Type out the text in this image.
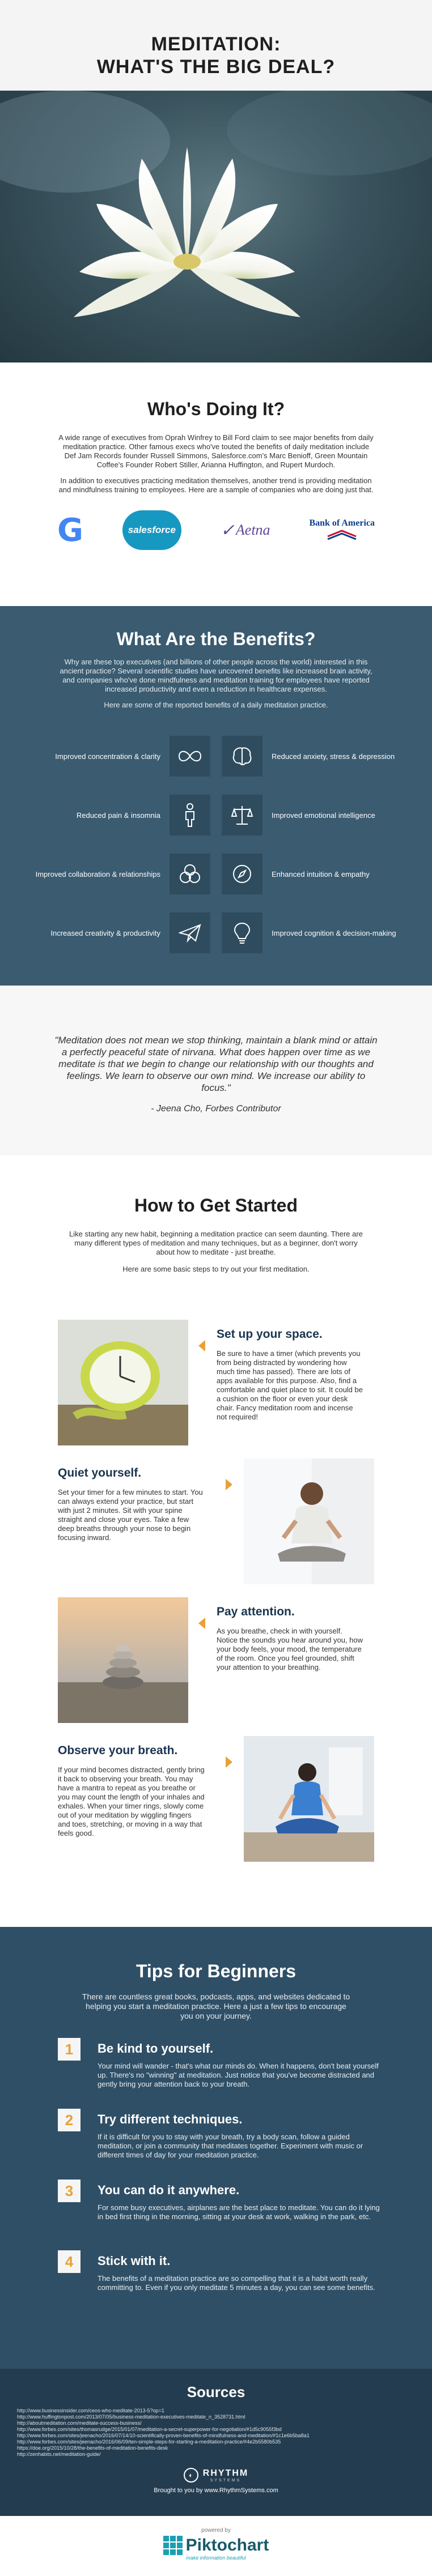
MEDITATION:
WHAT'S THE BIG DEAL?
Who's Doing It?

A wide range of executives from Oprah Winfrey to Bill Ford claim to see major benefits from daily meditation practice. Other famous execs who've touted the benefits of daily meditation include Def Jam Records founder Russell Simmons, Salesforce.com's Marc Benioff, Green Mountain Coffee's Founder Robert Stiller, Arianna Huffington, and Rupert Murdoch.

In addition to executives practicing meditation themselves, another trend is providing meditation and mindfulness training to employees. Here are a sample of companies who are doing just that.

G	salesforce	✓ Aetna	Bank of America
What Are the Benefits?

Why are these top executives (and billions of other people across the world) interested in this ancient practice? Several scientific studies have uncovered benefits like increased brain activity, and companies who've done mindfulness and meditation training for employees have reported increased productivity and even a reduction in healthcare expenses.

Here are some of the reported benefits of a daily meditation practice.

Improved concentration & clarity	Reduced anxiety, stress & depression
Reduced pain & insomnia	Improved emotional intelligence
Improved collaboration & relationships	Enhanced intuition & empathy
Increased creativity & productivity	Improved cognition & decision-making

"Meditation does not mean we stop thinking, maintain a blank mind or attain a perfectly peaceful state of nirvana. What does happen over time as we meditate is that we begin to change our relationship with our thoughts and feelings. We learn to observe our own mind. We increase our ability to focus."

- Jeena Cho, Forbes Contributor

How to Get Started

Like starting any new habit, beginning a meditation practice can seem daunting. There are many different types of meditation and many techniques, but as a beginner, don't worry about how to meditate - just breathe.

Here are some basic steps to try out your first meditation.

Set up your space.

Be sure to have a timer (which prevents you from being distracted by wondering how much time has passed). There are lots of apps available for this purpose. Also, find a comfortable and quiet place to sit. It could be a cushion on the floor or even your desk chair. Fancy meditation room and incense not required!

Quiet yourself.

Set your timer for a few minutes to start. You can always extend your practice, but start with just 2 minutes. Sit with your spine straight and close your eyes. Take a few deep breaths through your nose to begin focusing inward.

Pay attention.

As you breathe, check in with yourself. Notice the sounds you hear around you, how your body feels, your mood, the temperature of the room. Once you feel grounded, shift your attention to your breathing.

Observe your breath.

If your mind becomes distracted, gently bring it back to observing your breath. You may have a mantra to repeat as you breathe or you may count the length of your inhales and exhales. When your timer rings, slowly come out of your meditation by wiggling fingers and toes, stretching, or moving in a way that feels good.

Tips for Beginners

There are countless great books, podcasts, apps, and websites dedicated to helping you start a meditation practice. Here a just a few tips to encourage you on your journey.

1	Be kind to yourself.

Your mind will wander - that's what our minds do. When it happens, don't beat yourself up. There's no "winning" at meditation. Just notice that you've become distracted and gently bring your attention back to your breath.

2	Try different techniques.

If it is difficult for you to stay with your breath, try a body scan, follow a guided meditation, or join a community that meditates together. Experiment with music or different times of day for your meditation practice.

3	You can do it anywhere.

For some busy executives, airplanes are the best place to meditate. You can do it lying in bed first thing in the morning, sitting at your desk at work, walking in the park, etc.

4	Stick with it.

The benefits of a meditation practice are so compelling that it is a habit worth really committing to. Even if you only meditate 5 minutes a day, you can see some benefits.

Sources
http://www.businessinsider.com/ceos-who-meditate-2013-5?op=1
http://www.huffingtonpost.com/2013/07/05/business-meditation-executives-meditate_n_3528731.html
http://aboutmeditation.com/meditate-success-business/
http://www.forbes.com/sites/thomasrudge/2015/01/07/meditation-a-secret-superpower-for-negotiation/#1d5c9055f3bd
http://www.forbes.com/sites/jeenacho/2016/07/14/10-scientifically-proven-benefits-of-mindfulness-and-meditation/#1c1e6b5ba8a1
http://www.forbes.com/sites/jeenacho/2016/06/09/ten-simple-steps-for-starting-a-meditation-practice/#4e2b5580b535
https://doe.org/2015/10/28/the-benefits-of-meditation-benefits-desk
http://zenhabits.net/meditation-guide/
◐	RHYTHM
SYSTEMS
Brought to you by www.RhythmSystems.com
powered by
Piktochart
make information beautiful
